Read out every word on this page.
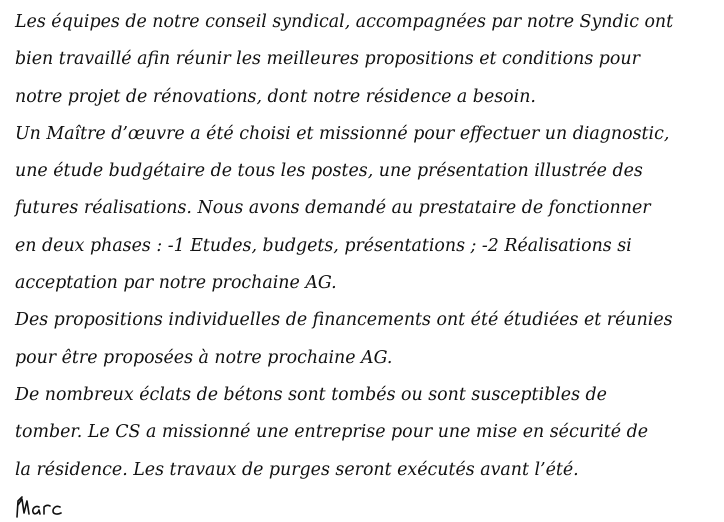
Les équipes de notre conseil syndical, accompagnées par notre Syndic ont
bien travaillé afin réunir les meilleures propositions et conditions pour
notre projet de rénovations, dont notre résidence a besoin.
Un Maître d’œuvre a été choisi et missionné pour effectuer un diagnostic,
une étude budgétaire de tous les postes, une présentation illustrée des
futures réalisations. Nous avons demandé au prestataire de fonctionner
en deux phases : -1 Etudes, budgets, présentations ; -2 Réalisations si
acceptation par notre prochaine AG.
Des propositions individuelles de financements ont été étudiées et réunies
pour être proposées à notre prochaine AG.
De nombreux éclats de bétons sont tombés ou sont susceptibles de
tomber. Le CS a missionné une entreprise pour une mise en sécurité de
la résidence. Les travaux de purges seront exécutés avant l’été.
